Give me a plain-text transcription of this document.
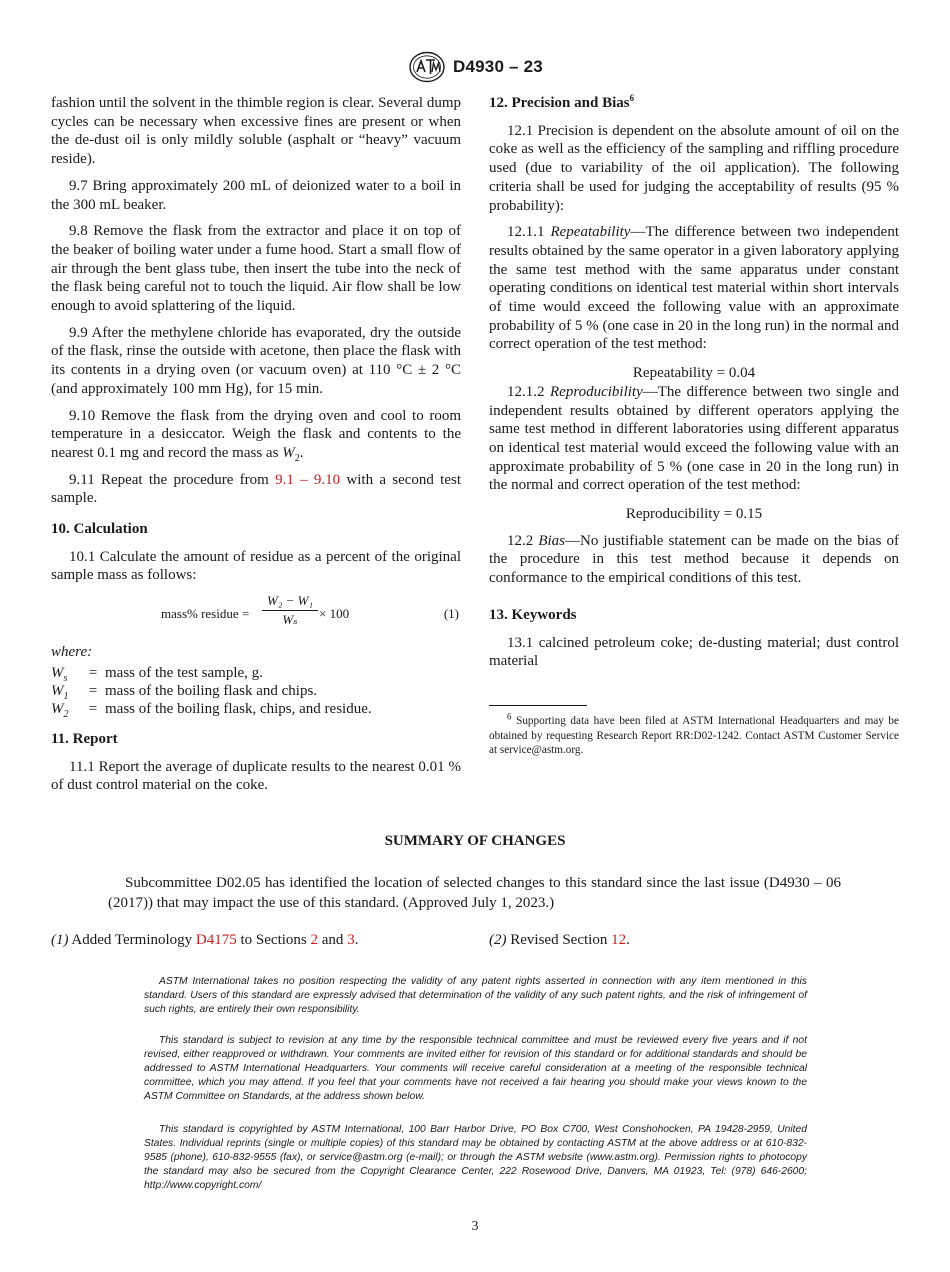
D4930 – 23

fashion until the solvent in the thimble region is clear. Several dump cycles can be necessary when excessive fines are present or when the de-dust oil is only mildly soluble (asphalt or “heavy” vacuum reside).

9.7 Bring approximately 200 mL of deionized water to a boil in the 300 mL beaker.

9.8 Remove the flask from the extractor and place it on top of the beaker of boiling water under a fume hood. Start a small flow of air through the bent glass tube, then insert the tube into the neck of the flask being careful not to touch the liquid. Air flow shall be low enough to avoid splattering of the liquid.

9.9 After the methylene chloride has evaporated, dry the outside of the flask, rinse the outside with acetone, then place the flask with its contents in a drying oven (or vacuum oven) at 110 °C ± 2 °C (and approximately 100 mm Hg), for 15 min.

9.10 Remove the flask from the drying oven and cool to room temperature in a desiccator. Weigh the flask and contents to the nearest 0.1 mg and record the mass as $W_2$.

9.11 Repeat the procedure from 9.1 – 9.10 with a second test sample.

10. Calculation

10.1 Calculate the amount of residue as a percent of the original sample mass as follows:

mass% residue = $\frac{\text{W₂ − W₁}}{\text{Wₛ}} \times 100$	(1)
where:
$W_s$	= mass of the test sample, g.
$W_1$	= mass of the boiling flask and chips.
$W_2$	= mass of the boiling flask, chips, and residue.
11. Report

11.1 Report the average of duplicate results to the nearest 0.01 % of dust control material on the coke.

12. Precision and Bias$^6$

12.1 Precision is dependent on the absolute amount of oil on the coke as well as the efficiency of the sampling and riffling procedure used (due to variability of the oil application). The following criteria shall be used for judging the acceptability of results (95 % probability):

12.1.1 Repeatability—The difference between two independent results obtained by the same operator in a given laboratory applying the same test method with the same apparatus under constant operating conditions on identical test material within short intervals of time would exceed the following value with an approximate probability of 5 % (one case in 20 in the long run) in the normal and correct operation of the test method:

Repeatability = 0.04

12.1.2 Reproducibility—The difference between two single and independent results obtained by different operators applying the same test method in different laboratories using different apparatus on identical test material would exceed the following value with an approximate probability of 5 % (one case in 20 in the long run) in the normal and correct operation of the test method:

Reproducibility = 0.15

12.2 Bias—No justifiable statement can be made on the bias of the procedure in this test method because it depends on conformance to the empirical conditions of this test.

13. Keywords

13.1 calcined petroleum coke; de-dusting material; dust control material

$^6$ Supporting data have been filed at ASTM International Headquarters and may be obtained by requesting Research Report RR:D02-1242. Contact ASTM Customer Service at service@astm.org.
SUMMARY OF CHANGES
Subcommittee D02.05 has identified the location of selected changes to this standard since the last issue (D4930 – 06 (2017)) that may impact the use of this standard. (Approved July 1, 2023.)
(1) Added Terminology D4175 to Sections 2 and 3.	(2) Revised Section 12.
ASTM International takes no position respecting the validity of any patent rights asserted in connection with any item mentioned in this standard. Users of this standard are expressly advised that determination of the validity of any such patent rights, and the risk of infringement of such rights, are entirely their own responsibility.
This standard is subject to revision at any time by the responsible technical committee and must be reviewed every five years and if not revised, either reapproved or withdrawn. Your comments are invited either for revision of this standard or for additional standards and should be addressed to ASTM International Headquarters. Your comments will receive careful consideration at a meeting of the responsible technical committee, which you may attend. If you feel that your comments have not received a fair hearing you should make your views known to the ASTM Committee on Standards, at the address shown below.
This standard is copyrighted by ASTM International, 100 Barr Harbor Drive, PO Box C700, West Conshohocken, PA 19428-2959, United States. Individual reprints (single or multiple copies) of this standard may be obtained by contacting ASTM at the above address or at 610-832-9585 (phone), 610-832-9555 (fax), or service@astm.org (e-mail); or through the ASTM website (www.astm.org). Permission rights to photocopy the standard may also be secured from the Copyright Clearance Center, 222 Rosewood Drive, Danvers, MA 01923, Tel: (978) 646-2600; http://www.copyright.com/
3
